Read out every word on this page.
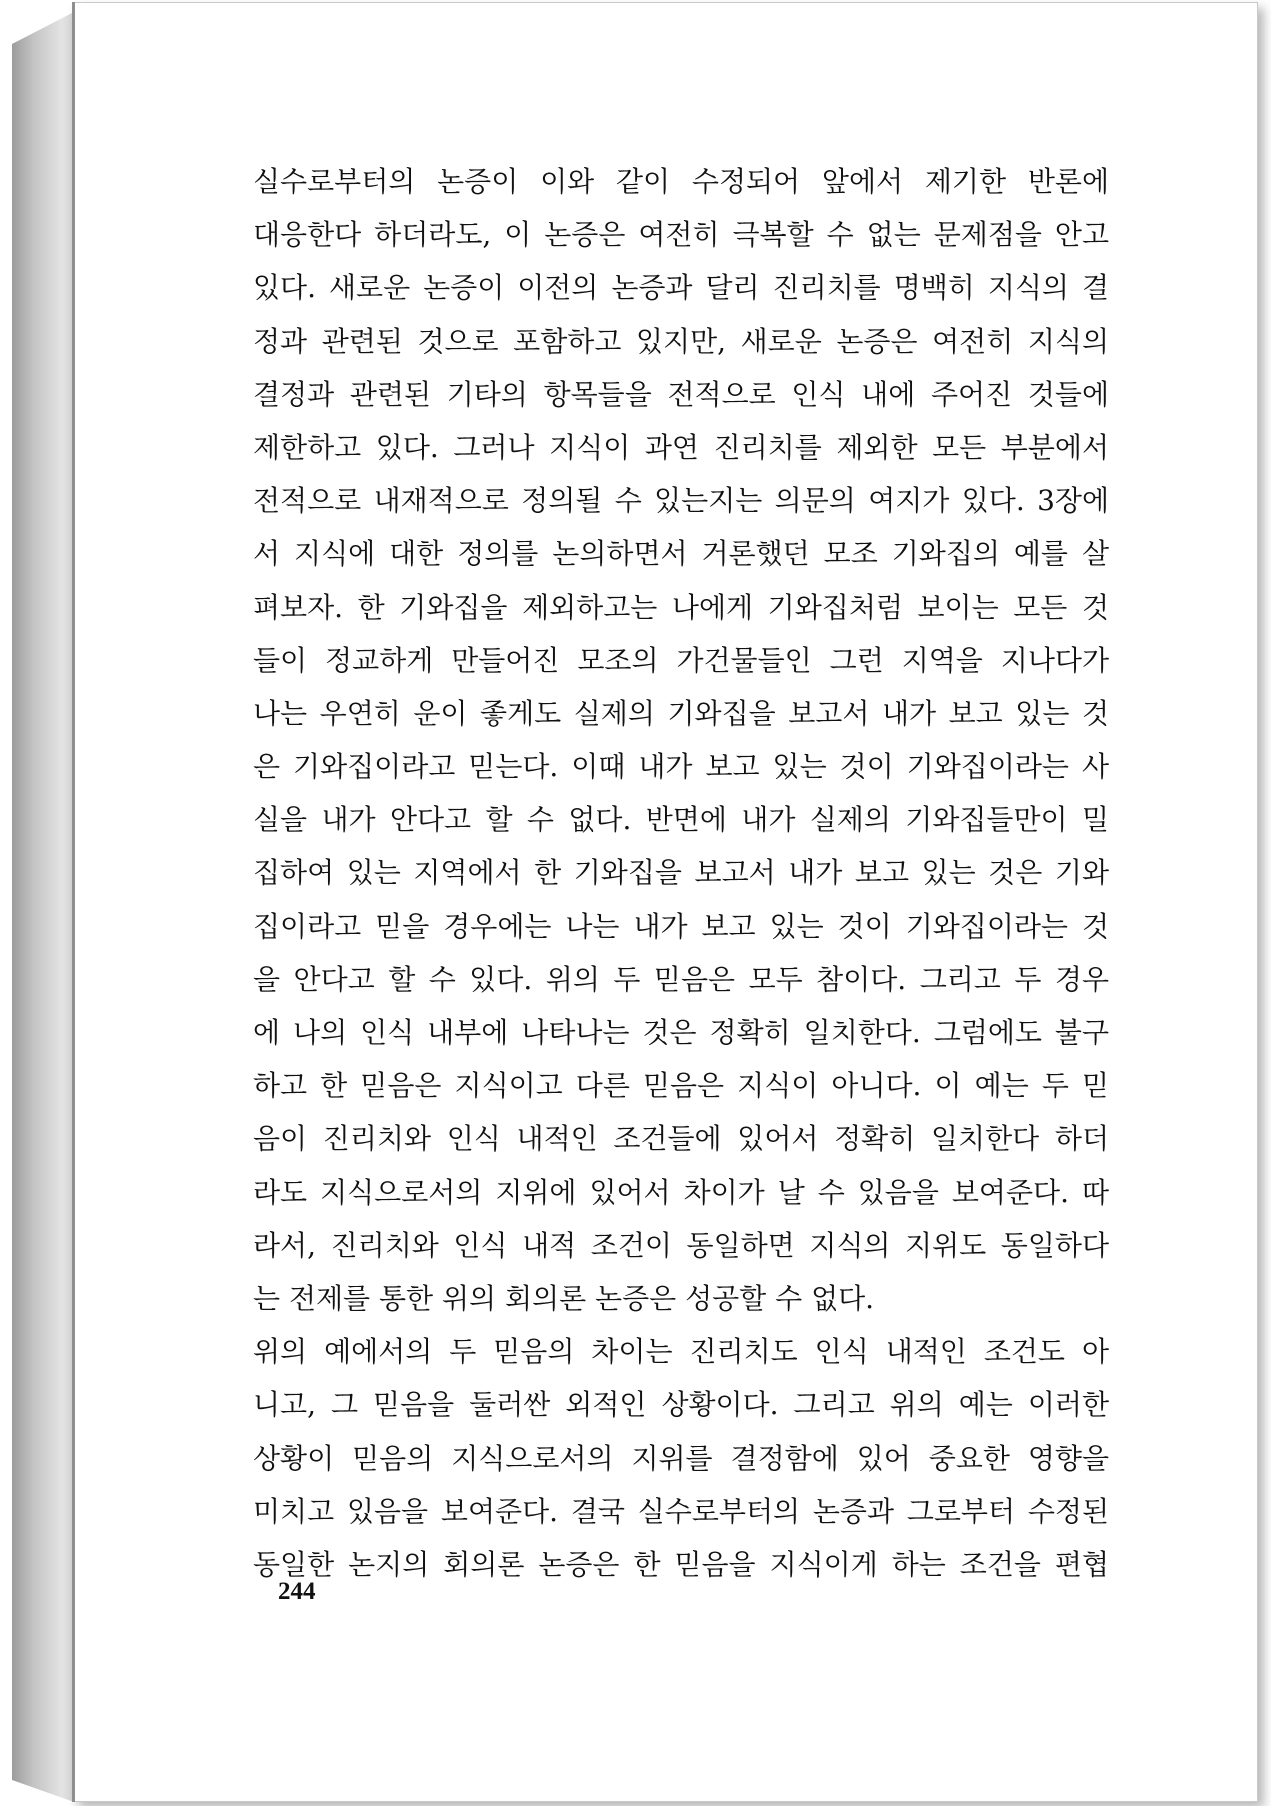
실수로부터의 논증이 이와 같이 수정되어 앞에서 제기한 반론에
대응한다 하더라도, 이 논증은 여전히 극복할 수 없는 문제점을 안고
있다. 새로운 논증이 이전의 논증과 달리 진리치를 명백히 지식의 결
정과 관련된 것으로 포함하고 있지만, 새로운 논증은 여전히 지식의
결정과 관련된 기타의 항목들을 전적으로 인식 내에 주어진 것들에
제한하고 있다. 그러나 지식이 과연 진리치를 제외한 모든 부분에서
전적으로 내재적으로 정의될 수 있는지는 의문의 여지가 있다. 3장에
서 지식에 대한 정의를 논의하면서 거론했던 모조 기와집의 예를 살
펴보자. 한 기와집을 제외하고는 나에게 기와집처럼 보이는 모든 것
들이 정교하게 만들어진 모조의 가건물들인 그런 지역을 지나다가
나는 우연히 운이 좋게도 실제의 기와집을 보고서 내가 보고 있는 것
은 기와집이라고 믿는다. 이때 내가 보고 있는 것이 기와집이라는 사
실을 내가 안다고 할 수 없다. 반면에 내가 실제의 기와집들만이 밀
집하여 있는 지역에서 한 기와집을 보고서 내가 보고 있는 것은 기와
집이라고 믿을 경우에는 나는 내가 보고 있는 것이 기와집이라는 것
을 안다고 할 수 있다. 위의 두 믿음은 모두 참이다. 그리고 두 경우
에 나의 인식 내부에 나타나는 것은 정확히 일치한다. 그럼에도 불구
하고 한 믿음은 지식이고 다른 믿음은 지식이 아니다. 이 예는 두 믿
음이 진리치와 인식 내적인 조건들에 있어서 정확히 일치한다 하더
라도 지식으로서의 지위에 있어서 차이가 날 수 있음을 보여준다. 따
라서, 진리치와 인식 내적 조건이 동일하면 지식의 지위도 동일하다
는 전제를 통한 위의 회의론 논증은 성공할 수 없다.
위의 예에서의 두 믿음의 차이는 진리치도 인식 내적인 조건도 아
니고, 그 믿음을 둘러싼 외적인 상황이다. 그리고 위의 예는 이러한
상황이 믿음의 지식으로서의 지위를 결정함에 있어 중요한 영향을
미치고 있음을 보여준다. 결국 실수로부터의 논증과 그로부터 수정된
동일한 논지의 회의론 논증은 한 믿음을 지식이게 하는 조건을 편협
244
